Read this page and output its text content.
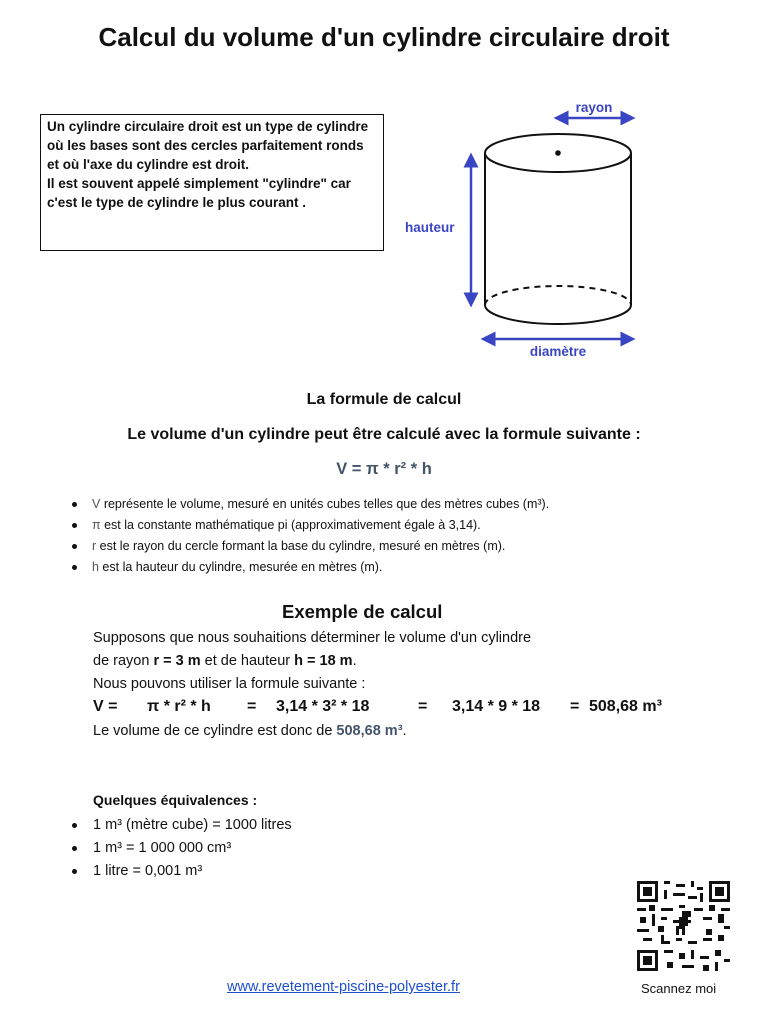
Calcul du volume d'un cylindre circulaire droit

Un cylindre circulaire droit est un type de cylindre où les bases sont des cercles parfaitement ronds et où l'axe du cylindre est droit.

Il est souvent appelé simplement "cylindre" car c'est le type de cylindre le plus courant .

rayon
hauteur
diamètre
La formule de calcul

Le volume d'un cylindre peut être calculé avec la formule suivante :

V = π * r² * h

V représente le volume, mesuré en unités cubes telles que des mètres cubes (m³).
π est la constante mathématique pi (approximativement égale à 3,14).
r est le rayon du cercle formant la base du cylindre, mesuré en mètres (m).
h est la hauteur du cylindre, mesurée en mètres (m).
Exemple de calcul

Supposons que nous souhaitions déterminer le volume d'un cylindre

de rayon r = 3 m et de hauteur h = 18 m.

Nous pouvons utiliser la formule suivante :

V = π * r² * h = 3,14 * 3² * 18	= 3,14 * 9 * 18 = 508,68 m³

Le volume de ce cylindre est donc de 508,68 m³.

Quelques équivalences :

1 m³ (mètre cube) = 1000 litres
1 m³ = 1 000 000 cm³
1 litre = 0,001 m³

Scannez moi

www.revetement-piscine-polyester.fr
